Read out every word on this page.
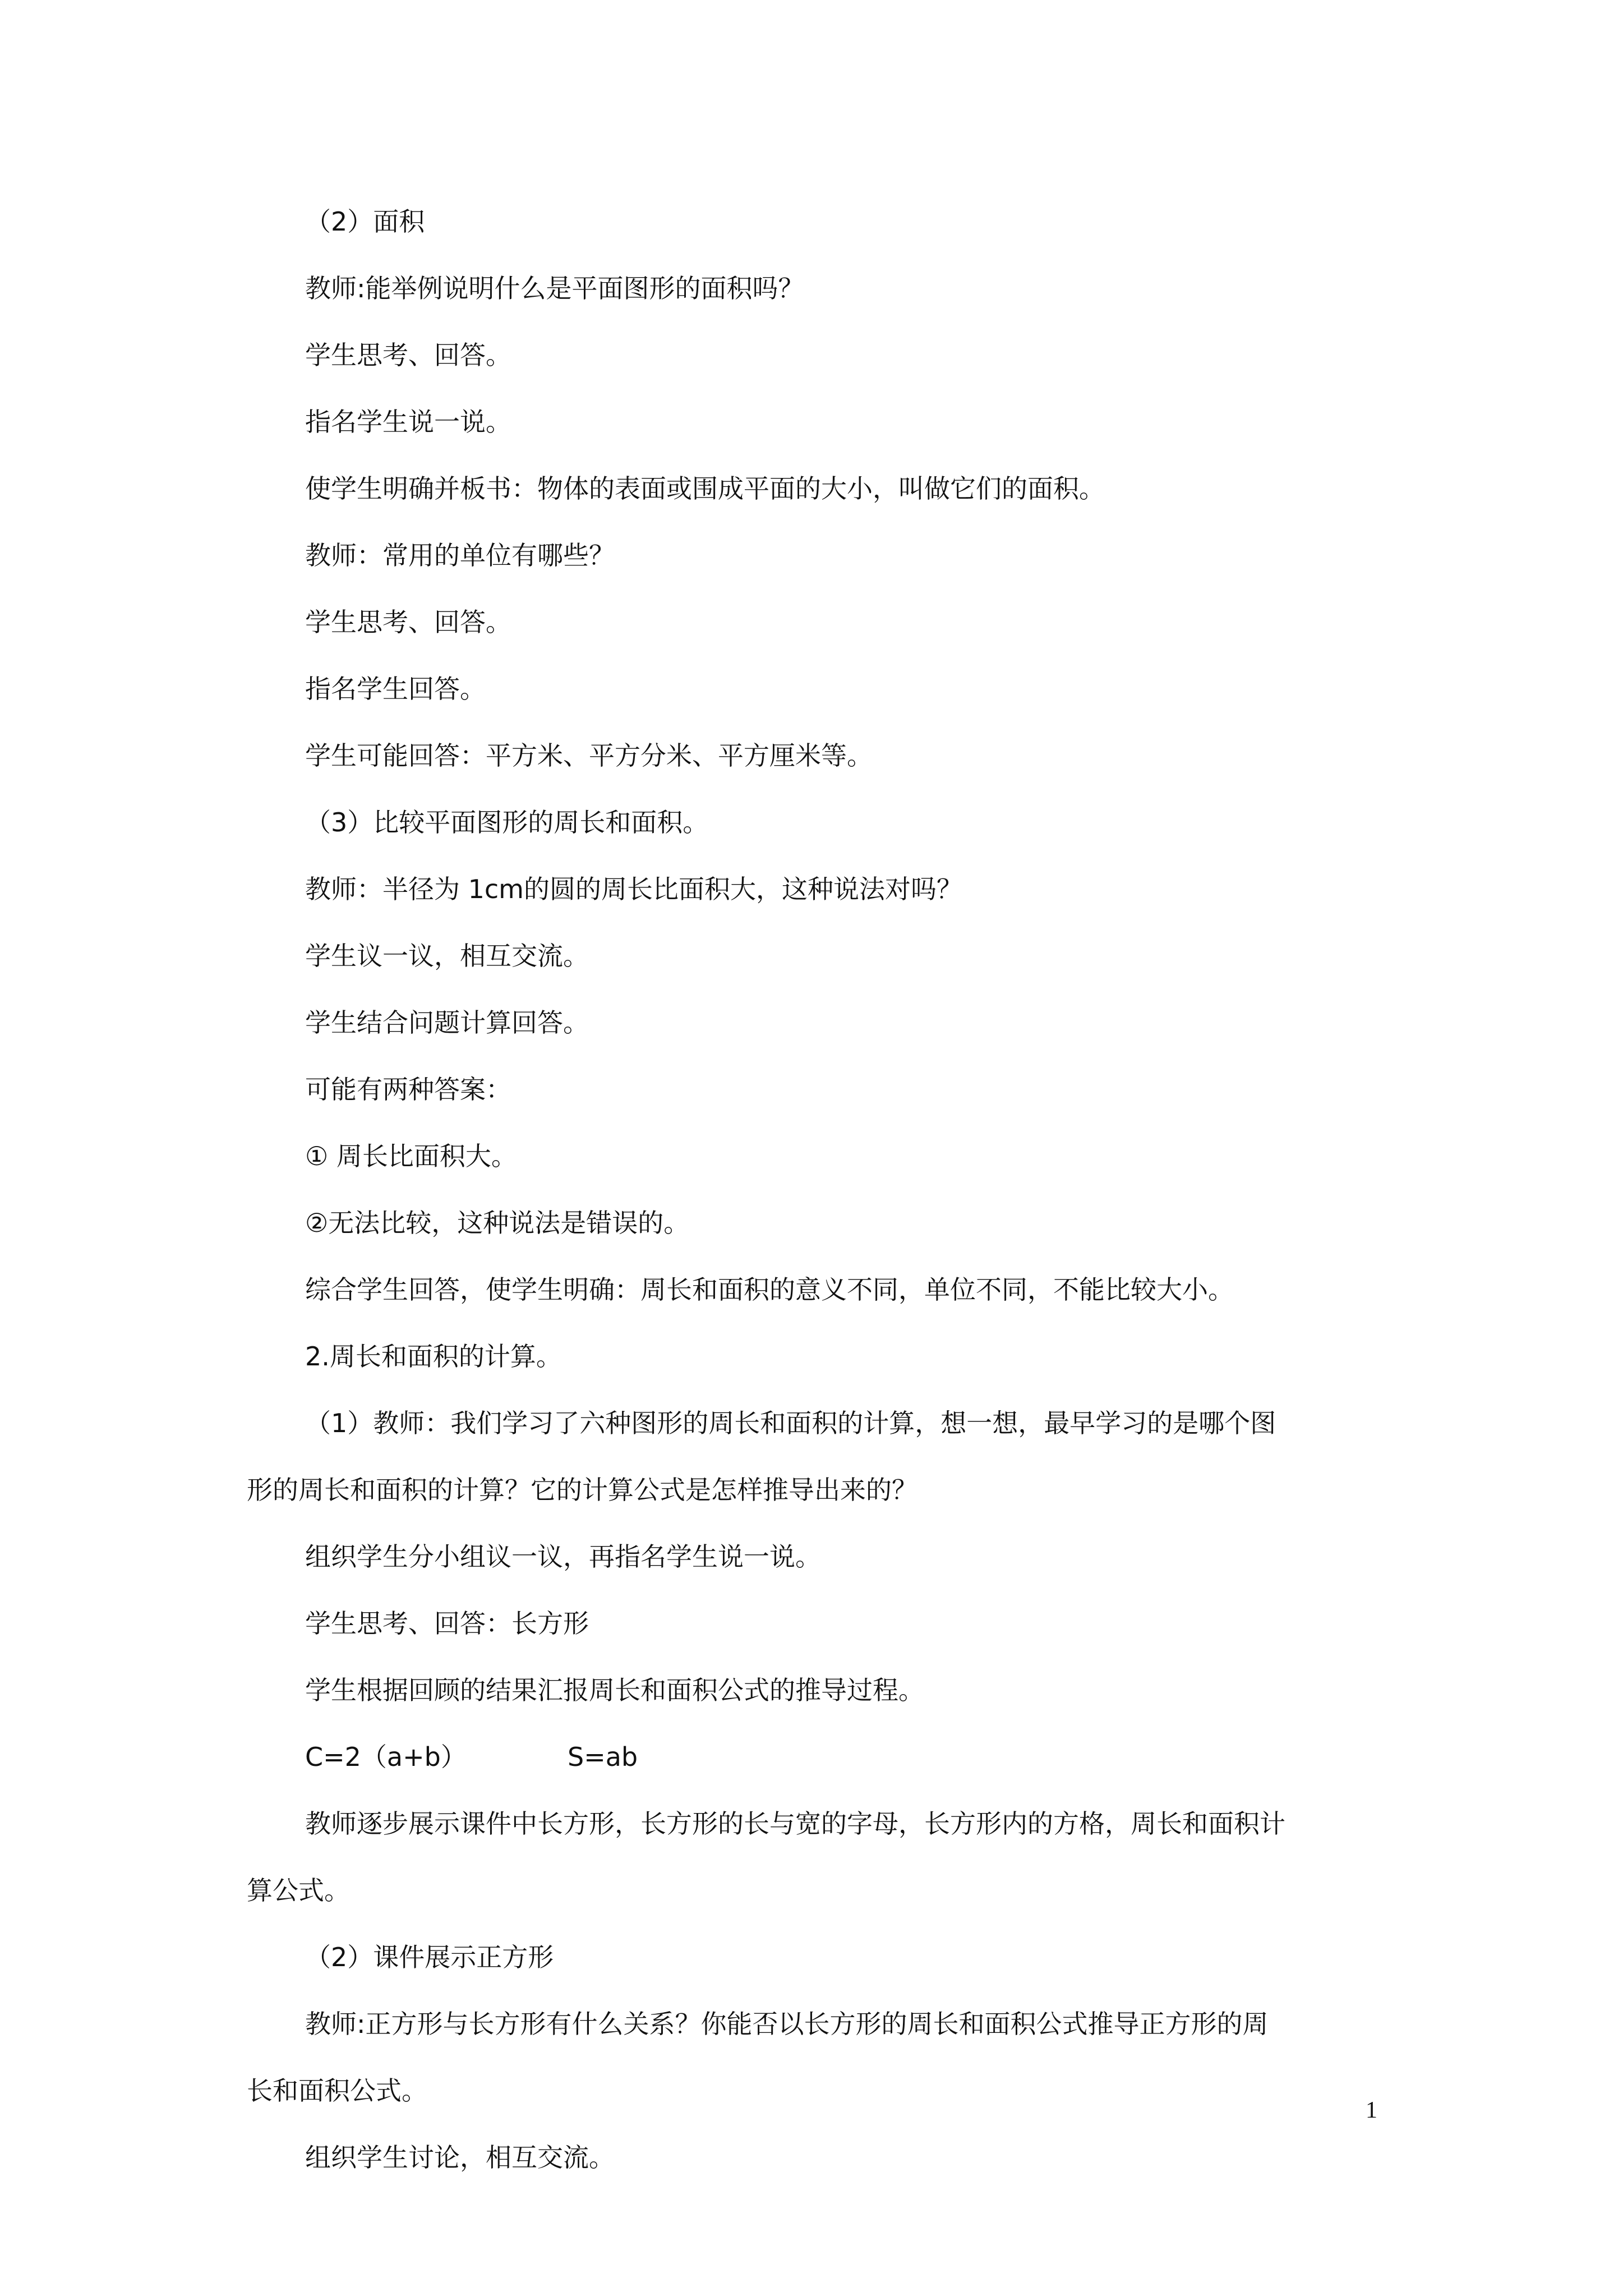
（2）面积
教师:能举例说明什么是平面图形的面积吗？
学生思考、回答。
指名学生说一说。
使学生明确并板书：物体的表面或围成平面的大小，叫做它们的面积。
教师：常用的单位有哪些？
学生思考、回答。
指名学生回答。
学生可能回答：平方米、平方分米、平方厘米等。
（3）比较平面图形的周长和面积。
教师：半径为 1cm的圆的周长比面积大，这种说法对吗？
学生议一议，相互交流。
学生结合问题计算回答。
可能有两种答案：
① 周长比面积大。
②无法比较，这种说法是错误的。
综合学生回答，使学生明确：周长和面积的意义不同，单位不同，不能比较大小。
2.周长和面积的计算。
（1）教师：我们学习了六种图形的周长和面积的计算，想一想，最早学习的是哪个图
形的周长和面积的计算？它的计算公式是怎样推导出来的？
组织学生分小组议一议，再指名学生说一说。
学生思考、回答：长方形
学生根据回顾的结果汇报周长和面积公式的推导过程。
C=2（a+b）	S=ab
教师逐步展示课件中长方形，长方形的长与宽的字母，长方形内的方格，周长和面积计
算公式。
（2）课件展示正方形
教师:正方形与长方形有什么关系？你能否以长方形的周长和面积公式推导正方形的周
长和面积公式。
组织学生讨论，相互交流。
1
